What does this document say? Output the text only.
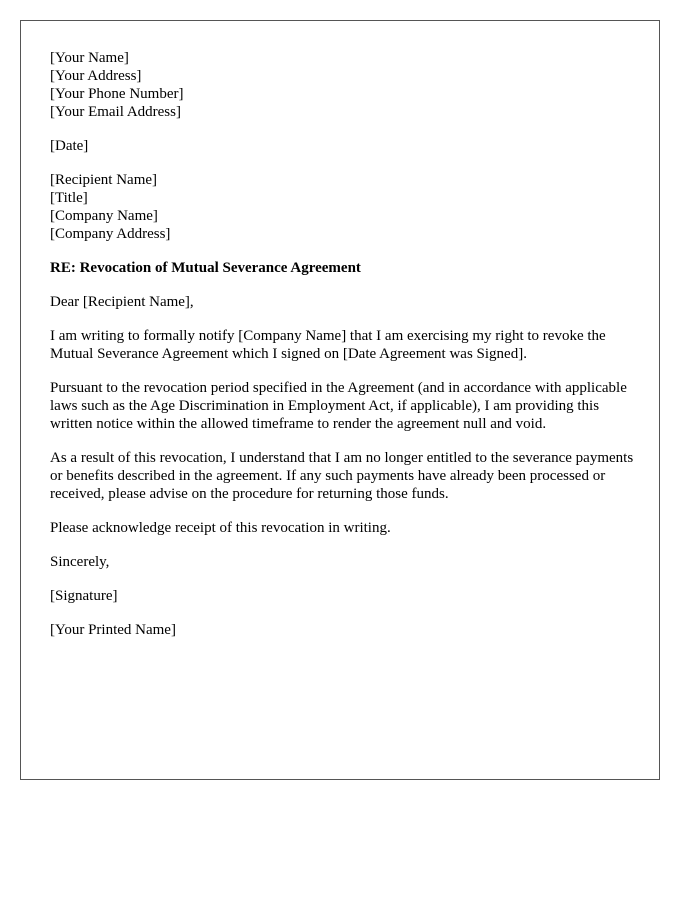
[Your Name]
[Your Address]
[Your Phone Number]
[Your Email Address]
[Date]
[Recipient Name]
[Title]
[Company Name]
[Company Address]
RE: Revocation of Mutual Severance Agreement

Dear [Recipient Name],

I am writing to formally notify [Company Name] that I am exercising my right to revoke the Mutual Severance Agreement which I signed on [Date Agreement was Signed].

Pursuant to the revocation period specified in the Agreement (and in accordance with applicable laws such as the Age Discrimination in Employment Act, if applicable), I am providing this written notice within the allowed timeframe to render the agreement null and void.

As a result of this revocation, I understand that I am no longer entitled to the severance payments or benefits described in the agreement. If any such payments have already been processed or received, please advise on the procedure for returning those funds.

Please acknowledge receipt of this revocation in writing.

Sincerely,

[Signature]

[Your Printed Name]
